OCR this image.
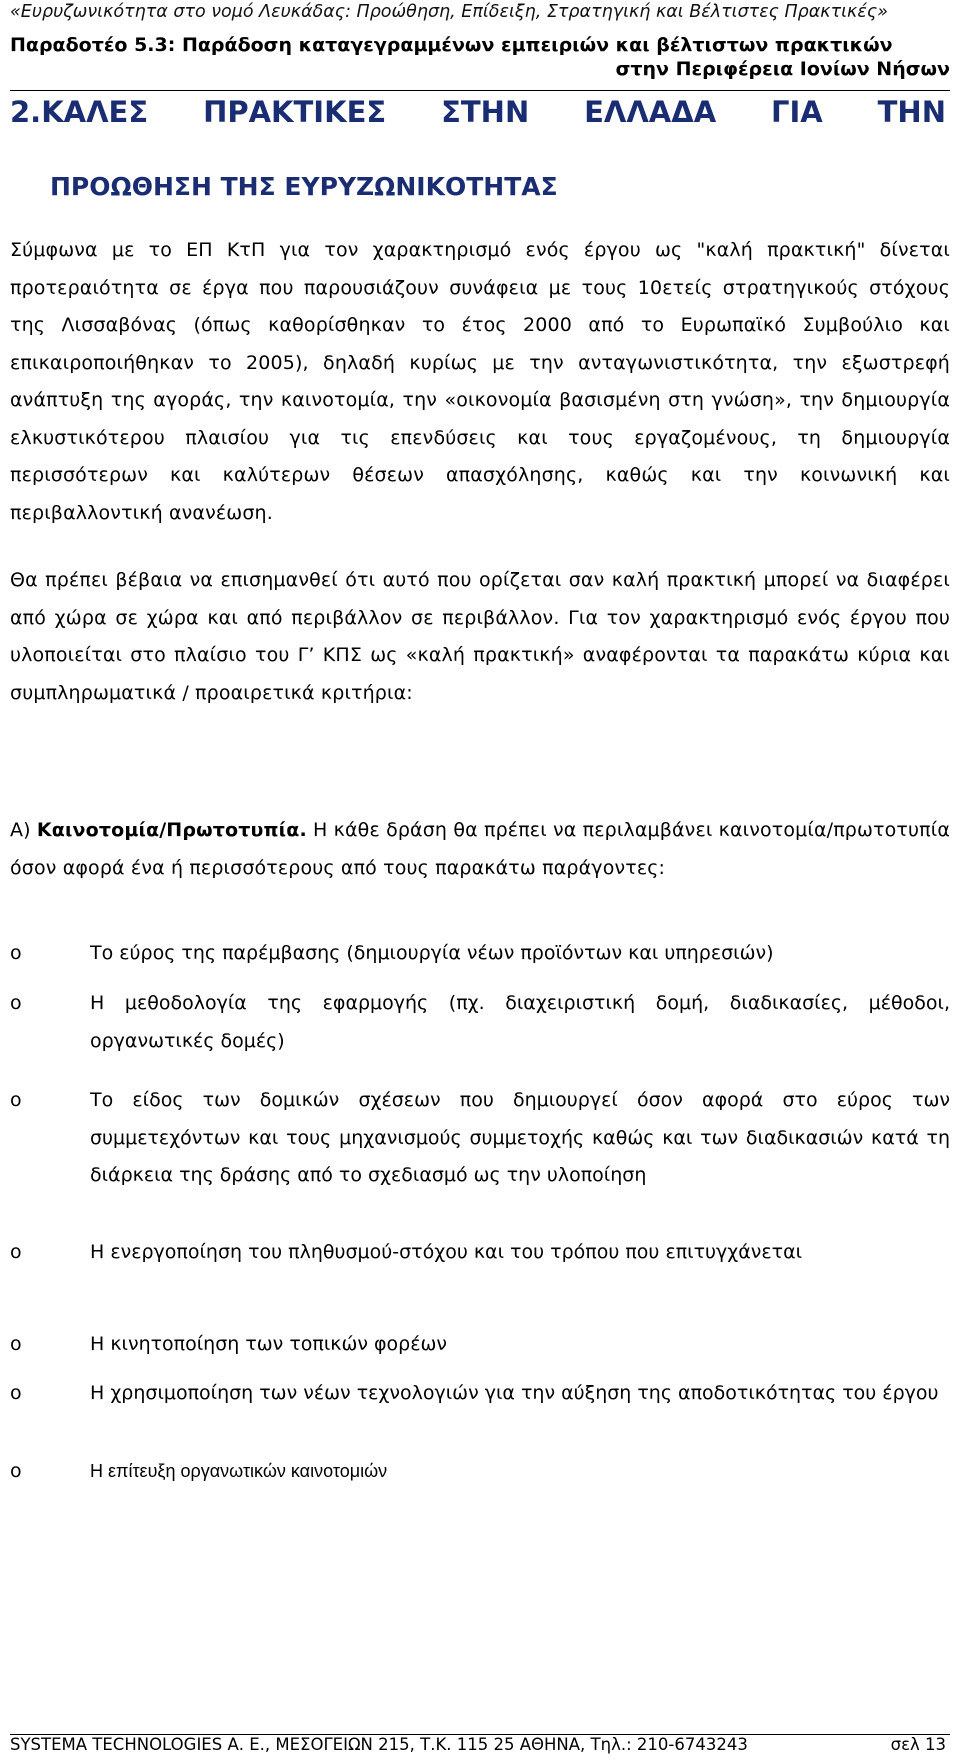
«Ευρυζωνικότητα στο νομό Λευκάδας: Προώθηση, Επίδειξη, Στρατηγική και Βέλτιστες Πρακτικές»
Παραδοτέο 5.3: Παράδοση καταγεγραμμένων εμπειριών και βέλτιστων πρακτικών
στην Περιφέρεια Ιονίων Νήσων
2.ΚΑΛΕΣ ΠΡΑΚΤΙΚΕΣ ΣΤΗΝ ΕΛΛΑΔΑ ΓΙΑ ΤΗΝ
ΠΡΟΩΘΗΣΗ ΤΗΣ ΕΥΡΥΖΩΝΙΚΟΤΗΤΑΣ

Σύμφωνα με το ΕΠ ΚτΠ για τον χαρακτηρισμό ενός έργου ως "καλή πρακτική" δίνεται προτεραιότητα σε έργα που παρουσιάζουν συνάφεια με τους 10ετείς στρατηγικούς στόχους της Λισσαβόνας (όπως καθορίσθηκαν το έτος 2000 από το Ευρωπαϊκό Συμβούλιο και επικαιροποιήθηκαν το 2005), δηλαδή κυρίως με την ανταγωνιστικότητα, την εξωστρεφή ανάπτυξη της αγοράς, την καινοτομία, την «οικονομία βασισμένη στη γνώση», την δημιουργία ελκυστικότερου πλαισίου για τις επενδύσεις και τους εργαζομένους, τη δημιουργία περισσότερων και καλύτερων θέσεων απασχόλησης, καθώς και την κοινωνική και περιβαλλοντική ανανέωση.

Θα πρέπει βέβαια να επισημανθεί ότι αυτό που ορίζεται σαν καλή πρακτική μπορεί να διαφέρει από χώρα σε χώρα και από περιβάλλον σε περιβάλλον. Για τον χαρακτηρισμό ενός έργου που υλοποιείται στο πλαίσιο του Γ’ ΚΠΣ ως «καλή πρακτική» αναφέρονται τα παρακάτω κύρια και συμπληρωματικά / προαιρετικά κριτήρια:

Α) Καινοτομία/Πρωτοτυπία. Η κάθε δράση θα πρέπει να περιλαμβάνει καινοτομία/πρωτοτυπία όσον αφορά ένα ή περισσότερους από τους παρακάτω παράγοντες:

o	Το εύρος της παρέμβασης (δημιουργία νέων προϊόντων και υπηρεσιών)
o	Η μεθοδολογία της εφαρμογής (πχ. διαχειριστική δομή, διαδικασίες, μέθοδοι, οργανωτικές δομές)
o	Το είδος των δομικών σχέσεων που δημιουργεί όσον αφορά στο εύρος των συμμετεχόντων και τους μηχανισμούς συμμετοχής καθώς και των διαδικασιών κατά τη διάρκεια της δράσης από το σχεδιασμό ως την υλοποίηση
o	Η ενεργοποίηση του πληθυσμού-στόχου και του τρόπου που επιτυγχάνεται
o	Η κινητοποίηση των τοπικών φορέων
o	Η χρησιμοποίηση των νέων τεχνολογιών για την αύξηση της αποδοτικότητας του έργου
o	Η επίτευξη οργανωτικών καινοτομιών
SYSTEMA TECHNOLOGIES Α. Ε., ΜΕΣΟΓΕΙΩΝ 215, Τ.Κ. 115 25 ΑΘΗΝΑ, Τηλ.: 210-6743243	σελ 13
